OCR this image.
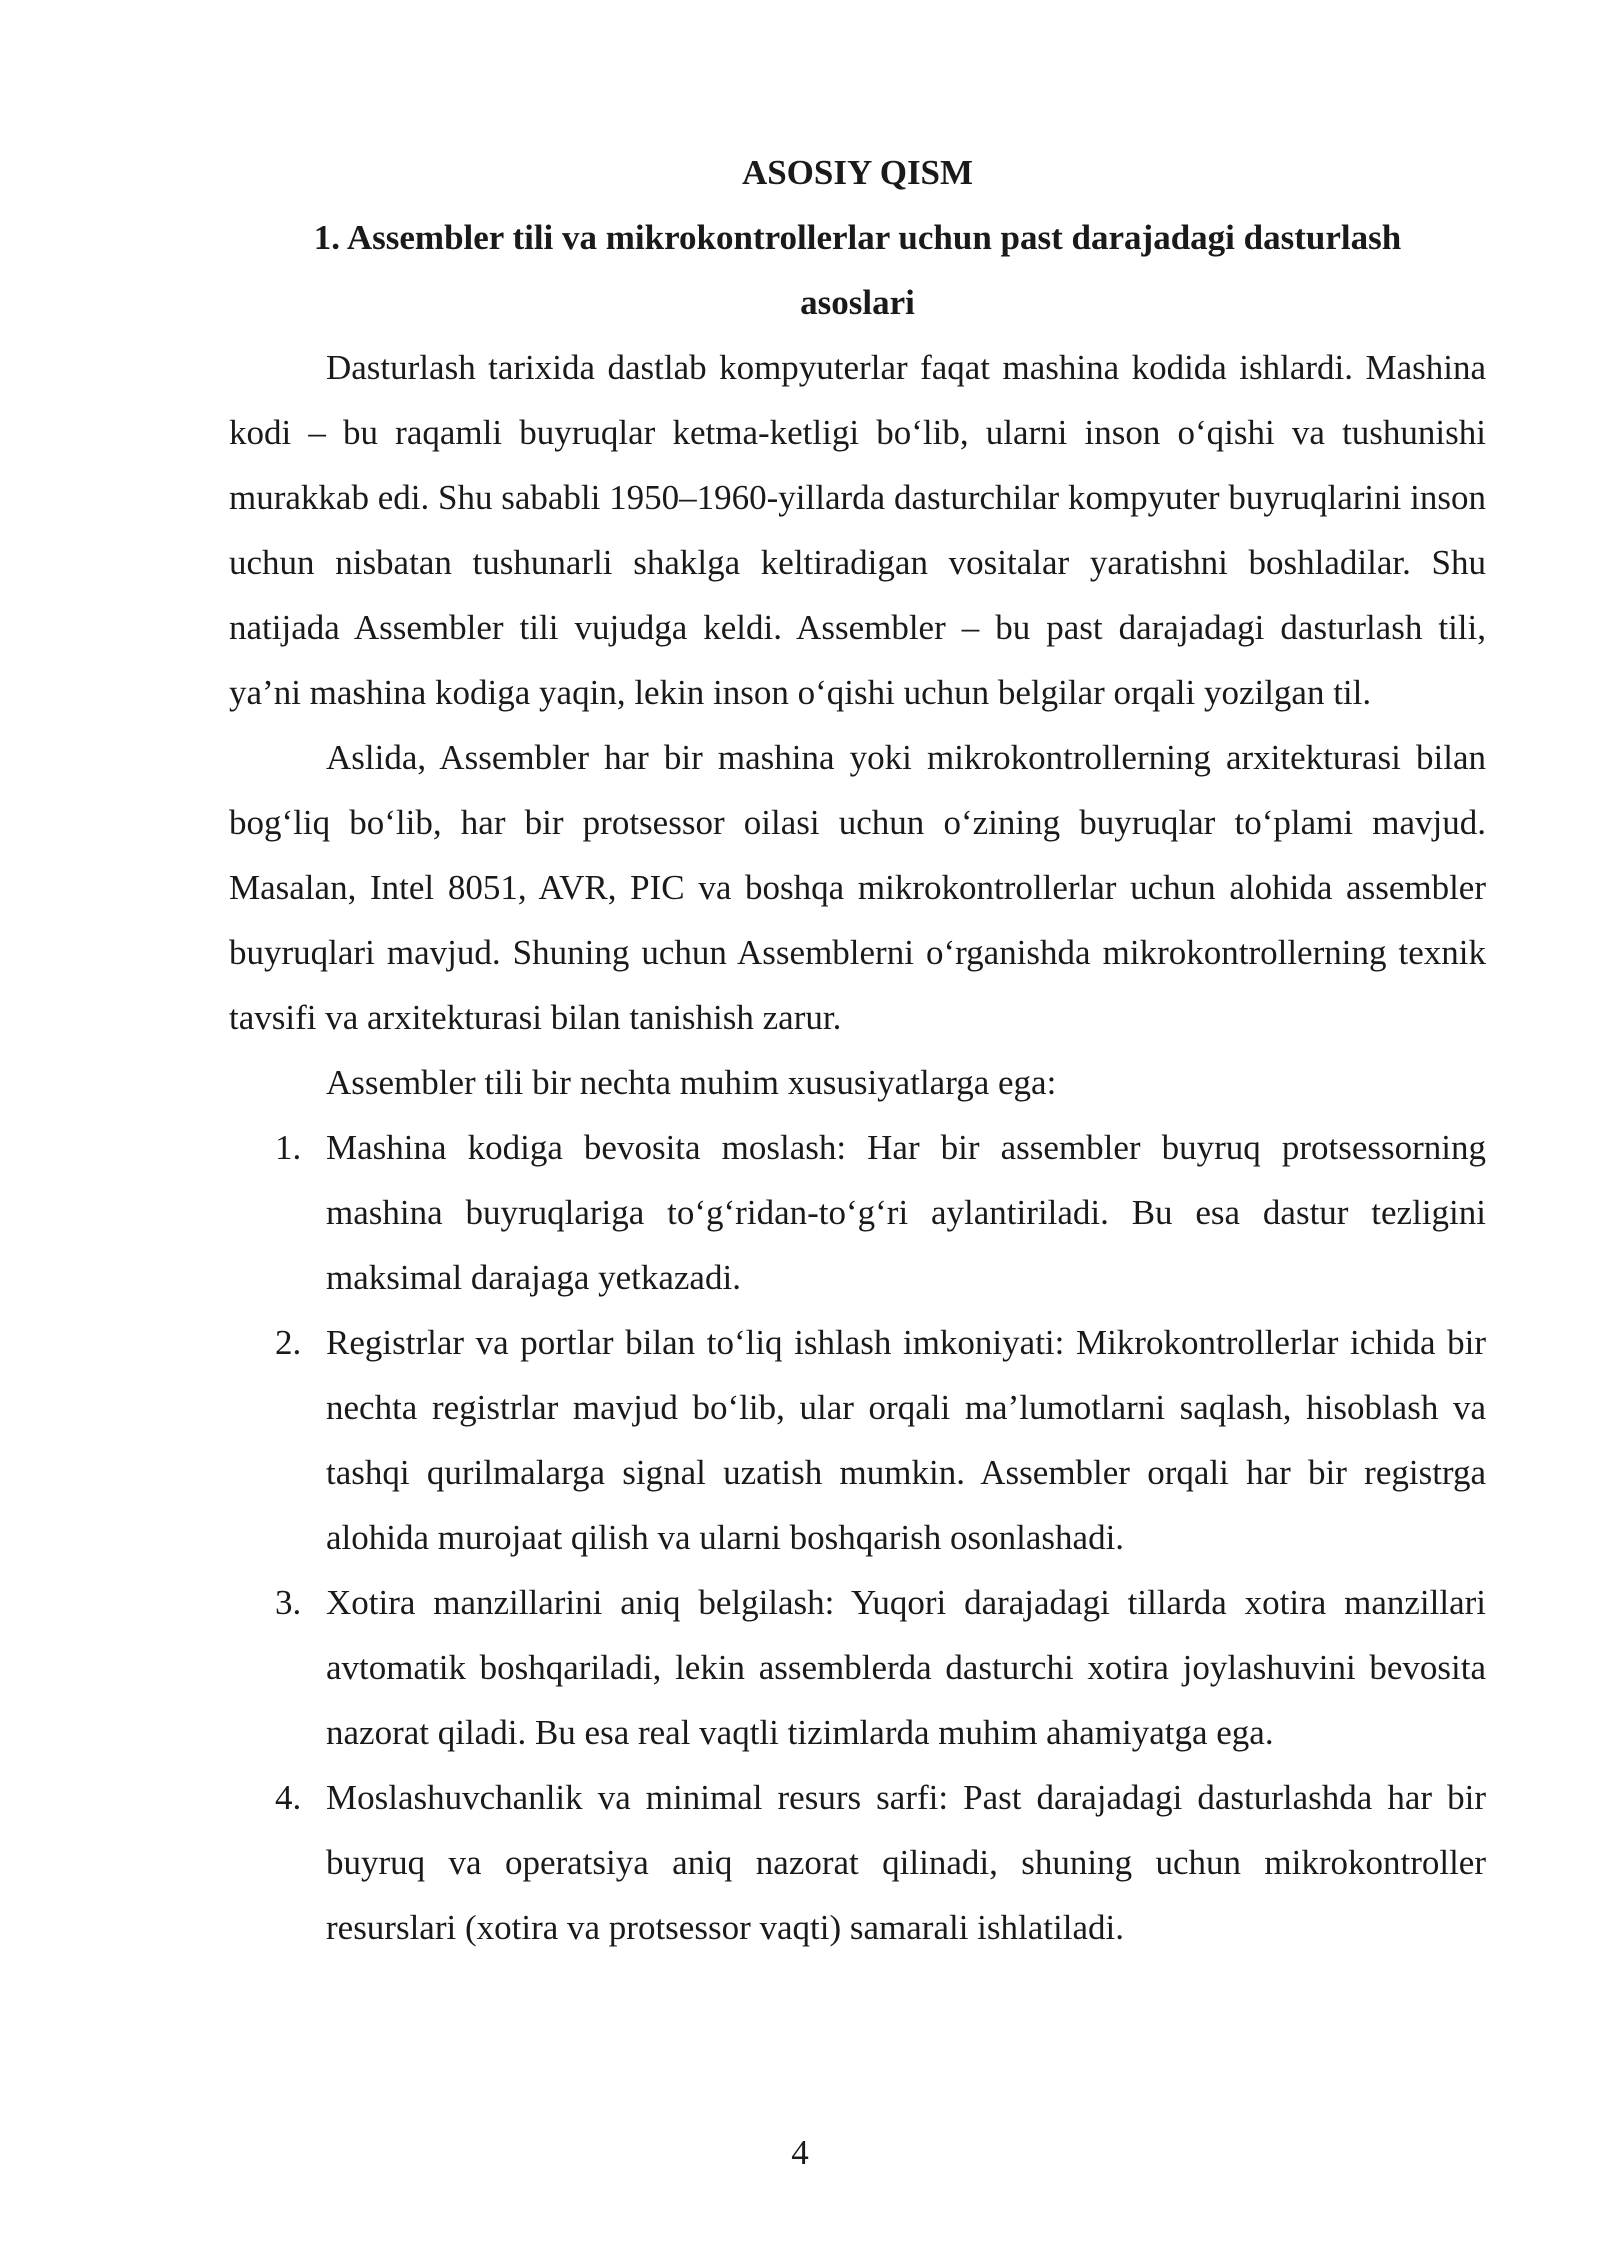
ASOSIY QISM
1. Assembler tili va mikrokontrollerlar uchun past darajadagi dasturlash asoslari

Dasturlash tarixida dastlab kompyuterlar faqat mashina kodida ishlardi. Mashina kodi – bu raqamli buyruqlar ketma-ketligi bo‘lib, ularni inson o‘qishi va tushunishi murakkab edi. Shu sababli 1950–1960-yillarda dasturchilar kompyuter buyruqlarini inson uchun nisbatan tushunarli shaklga keltiradigan vositalar yaratishni boshladilar. Shu natijada Assembler tili vujudga keldi. Assembler – bu past darajadagi dasturlash tili, ya’ni mashina kodiga yaqin, lekin inson o‘qishi uchun belgilar orqali yozilgan til.

Aslida, Assembler har bir mashina yoki mikrokontrollerning arxitekturasi bilan bog‘liq bo‘lib, har bir protsessor oilasi uchun o‘zining buyruqlar to‘plami mavjud. Masalan, Intel 8051, AVR, PIC va boshqa mikrokontrollerlar uchun alohida assembler buyruqlari mavjud. Shuning uchun Assemblerni o‘rganishda mikrokontrollerning texnik tavsifi va arxitekturasi bilan tanishish zarur.

Assembler tili bir nechta muhim xususiyatlarga ega:

1. Mashina kodiga bevosita moslash: Har bir assembler buyruq protsessorning mashina buyruqlariga to‘g‘ridan-to‘g‘ri aylantiriladi. Bu esa dastur tezligini maksimal darajaga yetkazadi.
2. Registrlar va portlar bilan to‘liq ishlash imkoniyati: Mikrokontrollerlar ichida bir nechta registrlar mavjud bo‘lib, ular orqali ma’lumotlarni saqlash, hisoblash va tashqi qurilmalarga signal uzatish mumkin. Assembler orqali har bir registrga alohida murojaat qilish va ularni boshqarish osonlashadi.
3. Xotira manzillarini aniq belgilash: Yuqori darajadagi tillarda xotira manzillari avtomatik boshqariladi, lekin assemblerda dasturchi xotira joylashuvini bevosita nazorat qiladi. Bu esa real vaqtli tizimlarda muhim ahamiyatga ega.
4. Moslashuvchanlik va minimal resurs sarfi: Past darajadagi dasturlashda har bir buyruq va operatsiya aniq nazorat qilinadi, shuning uchun mikrokontroller resurslari (xotira va protsessor vaqti) samarali ishlatiladi.
4
